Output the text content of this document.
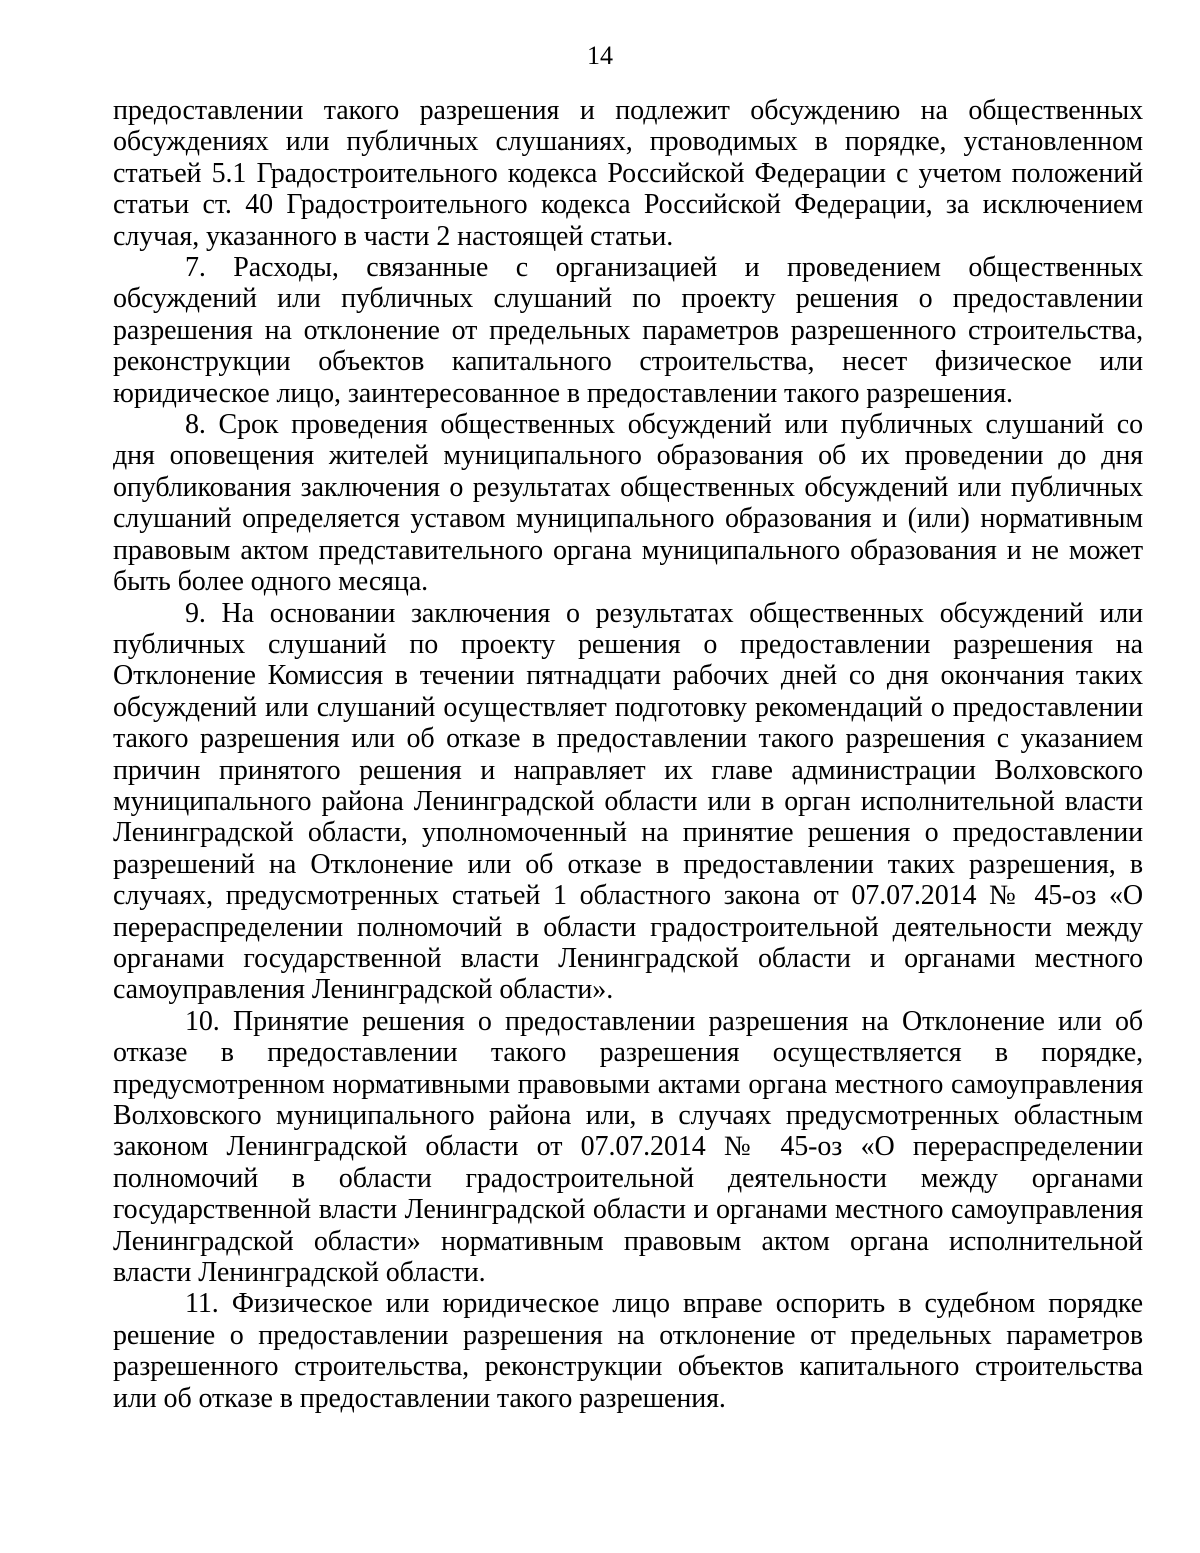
14

предоставлении такого разрешения и подлежит обсуждению на общественных обсуждениях или публичных слушаниях, проводимых в порядке, установленном статьей 5.1 Градостроительного кодекса Российской Федерации с учетом положений статьи ст. 40 Градостроительного кодекса Российской Федерации, за исключением случая, указанного в части 2 настоящей статьи.

7. Расходы, связанные с организацией и проведением общественных обсуждений или публичных слушаний по проекту решения о предоставлении разрешения на отклонение от предельных параметров разрешенного строительства, реконструкции объектов капитального строительства, несет физическое или юридическое лицо, заинтересованное в предоставлении такого разрешения.

8. Срок проведения общественных обсуждений или публичных слушаний со дня оповещения жителей муниципального образования об их проведении до дня опубликования заключения о результатах общественных обсуждений или публичных слушаний определяется уставом муниципального образования и (или) нормативным правовым актом представительного органа муниципального образования и не может быть более одного месяца.

9. На основании заключения о результатах общественных обсуждений или публичных слушаний по проекту решения о предоставлении разрешения на Отклонение Комиссия в течении пятнадцати рабочих дней со дня окончания таких обсуждений или слушаний осуществляет подготовку рекомендаций о предоставлении такого разрешения или об отказе в предоставлении такого разрешения с указанием причин принятого решения и направляет их главе администрации Волховского муниципального района Ленинградской области или в орган исполнительной власти Ленинградской области, уполномоченный на принятие решения о предоставлении разрешений на Отклонение или об отказе в предоставлении таких разрешения, в случаях, предусмотренных статьей 1 областного закона от 07.07.2014 № 45-оз «О перераспределении полномочий в области градостроительной деятельности между органами государственной власти Ленинградской области и органами местного самоуправления Ленинградской области».

10. Принятие решения о предоставлении разрешения на Отклонение или об отказе в предоставлении такого разрешения осуществляется в порядке, предусмотренном нормативными правовыми актами органа местного самоуправления Волховского муниципального района или, в случаях предусмотренных областным законом Ленинградской области от 07.07.2014 № 45-оз «О перераспределении полномочий в области градостроительной деятельности между органами государственной власти Ленинградской области и органами местного самоуправления Ленинградской области» нормативным правовым актом органа исполнительной власти Ленинградской области.

11. Физическое или юридическое лицо вправе оспорить в судебном порядке решение о предоставлении разрешения на отклонение от предельных параметров разрешенного строительства, реконструкции объектов капитального строительства или об отказе в предоставлении такого разрешения.
